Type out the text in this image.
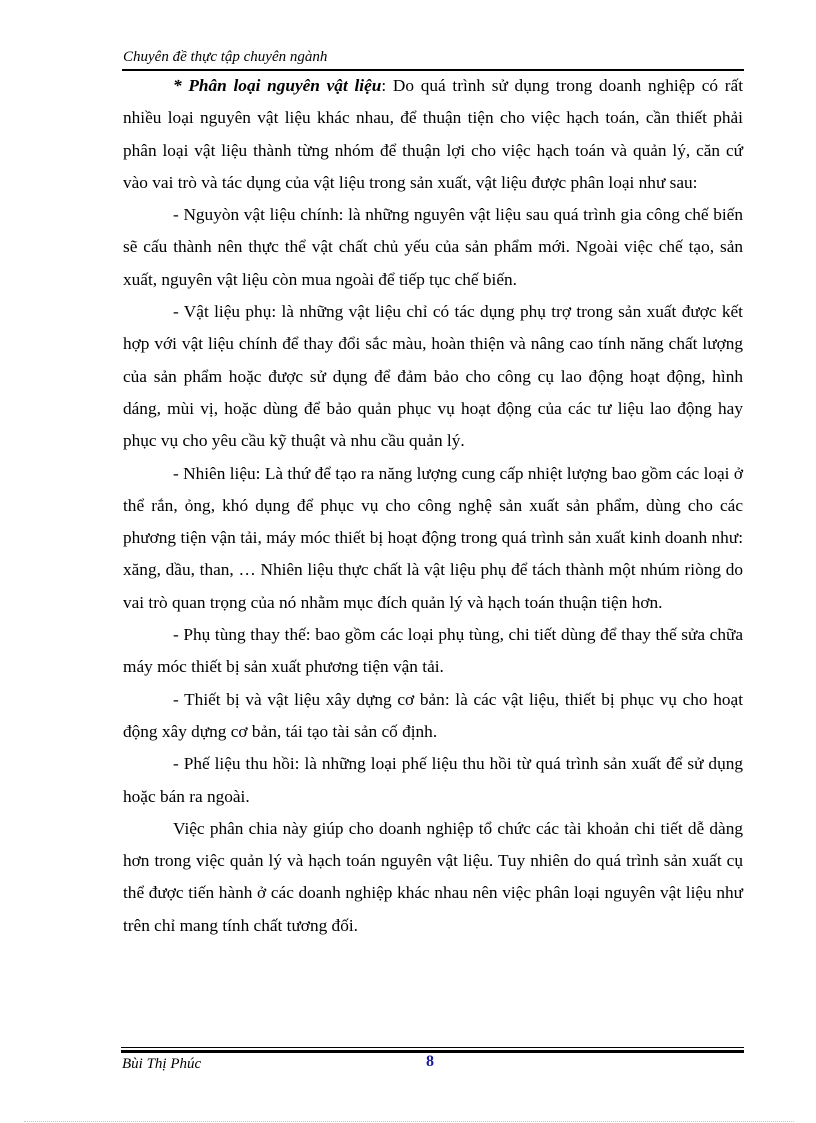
Chuyên đề thực tập chuyên ngành

* Phân loại nguyên vật liệu: Do quá trình sử dụng trong doanh nghiệp có rất nhiều loại nguyên vật liệu khác nhau, để thuận tiện cho việc hạch toán, cần thiết phải phân loại vật liệu thành từng nhóm để thuận lợi cho việc hạch toán và quản lý, căn cứ vào vai trò và tác dụng của vật liệu trong sản xuất, vật liệu được phân loại như sau:

- Nguyòn vật liệu chính: là những nguyên vật liệu sau quá trình gia công chế biến sẽ cấu thành nên thực thể vật chất chủ yếu của sản phẩm mới. Ngoài việc chế tạo, sản xuất, nguyên vật liệu còn mua ngoài để tiếp tục chế biến.

- Vật liệu phụ: là những vật liệu chỉ có tác dụng phụ trợ trong sản xuất được kết hợp với vật liệu chính để thay đổi sắc màu, hoàn thiện và nâng cao tính năng chất lượng của sản phẩm hoặc được sử dụng để đảm bảo cho công cụ lao động hoạt động, hình dáng, mùi vị, hoặc dùng để bảo quản phục vụ hoạt động của các tư liệu lao động hay phục vụ cho yêu cầu kỹ thuật và nhu cầu quản lý.

- Nhiên liệu: Là thứ để tạo ra năng lượng cung cấp nhiệt lượng bao gồm các loại ở thể rắn, ỏng, khó dụng để phục vụ cho công nghệ sản xuất sản phẩm, dùng cho các phương tiện vận tải, máy móc thiết bị hoạt động trong quá trình sản xuất kinh doanh như: xăng, dầu, than, … Nhiên liệu thực chất là vật liệu phụ để tách thành một nhúm riòng do vai trò quan trọng của nó nhằm mục đích quản lý và hạch toán thuận tiện hơn.

- Phụ tùng thay thế: bao gồm các loại phụ tùng, chi tiết dùng để thay thế sửa chữa máy móc thiết bị sản xuất phương tiện vận tải.

- Thiết bị và vật liệu xây dựng cơ bản: là các vật liệu, thiết bị phục vụ cho hoạt động xây dựng cơ bản, tái tạo tài sản cố định.

- Phế liệu thu hồi: là những loại phế liệu thu hồi từ quá trình sản xuất để sử dụng hoặc bán ra ngoài.

Việc phân chia này giúp cho doanh nghiệp tổ chức các tài khoản chi tiết dễ dàng hơn trong việc quản lý và hạch toán nguyên vật liệu. Tuy nhiên do quá trình sản xuất cụ thể được tiến hành ở các doanh nghiệp khác nhau nên việc phân loại nguyên vật liệu như trên chỉ mang tính chất tương đối.

Bùi Thị Phúc	8
